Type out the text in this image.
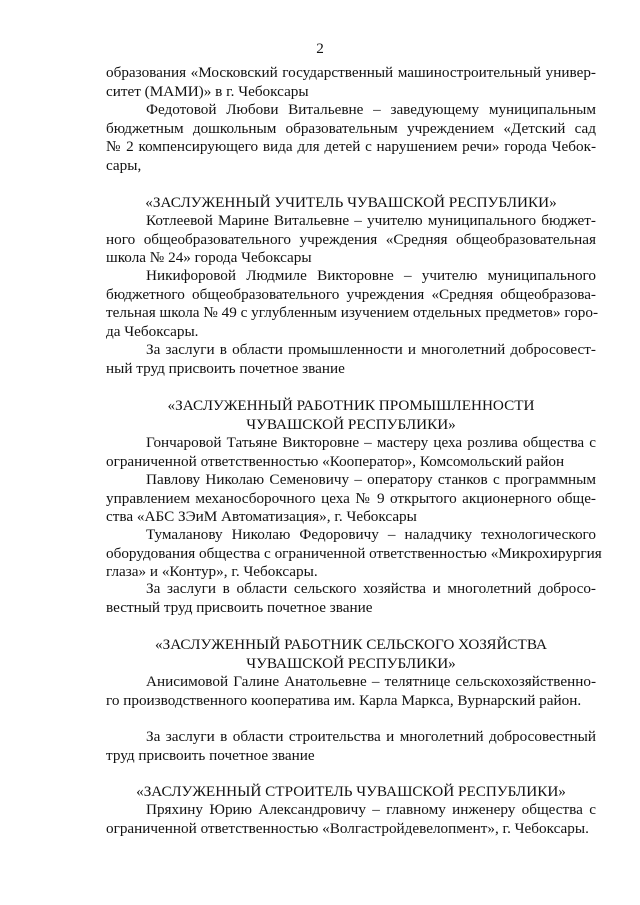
2

образования «Московский государственный машиностроительный универ-
ситет (МАМИ)» в г. Чебоксары

Федотовой Любови Витальевне – заведующему муниципальным
бюджетным дошкольным образовательным учреждением «Детский сад
№ 2 компенсирующего вида для детей с нарушением речи» города Чебок-
сары,

«ЗАСЛУЖЕННЫЙ УЧИТЕЛЬ ЧУВАШСКОЙ РЕСПУБЛИКИ»

Котлеевой Марине Витальевне – учителю муниципального бюджет-
ного общеобразовательного учреждения «Средняя общеобразовательная
школа № 24» города Чебоксары

Никифоровой Людмиле Викторовне – учителю муниципального
бюджетного общеобразовательного учреждения «Средняя общеобразова-
тельная школа № 49 с углубленным изучением отдельных предметов» горо-
да Чебоксары.

За заслуги в области промышленности и многолетний добросовест-
ный труд присвоить почетное звание

«ЗАСЛУЖЕННЫЙ РАБОТНИК ПРОМЫШЛЕННОСТИ
ЧУВАШСКОЙ РЕСПУБЛИКИ»

Гончаровой Татьяне Викторовне – мастеру цеха розлива общества с
ограниченной ответственностью «Кооператор», Комсомольский район

Павлову Николаю Семеновичу – оператору станков с программным
управлением механосборочного цеха № 9 открытого акционерного обще-
ства «АБС ЗЭиМ Автоматизация», г. Чебоксары

Тумаланову Николаю Федоровичу – наладчику технологического
оборудования общества с ограниченной ответственностью «Микрохирургия
глаза» и «Контур», г. Чебоксары.

За заслуги в области сельского хозяйства и многолетний добросо-
вестный труд присвоить почетное звание

«ЗАСЛУЖЕННЫЙ РАБОТНИК СЕЛЬСКОГО ХОЗЯЙСТВА
ЧУВАШСКОЙ РЕСПУБЛИКИ»

Анисимовой Галине Анатольевне – телятнице сельскохозяйственно-
го производственного кооператива им. Карла Маркса, Вурнарский район.

За заслуги в области строительства и многолетний добросовестный
труд присвоить почетное звание

«ЗАСЛУЖЕННЫЙ СТРОИТЕЛЬ ЧУВАШСКОЙ РЕСПУБЛИКИ»

Пряхину Юрию Александровичу – главному инженеру общества с
ограниченной ответственностью «Волгастройдевелопмент», г. Чебоксары.
